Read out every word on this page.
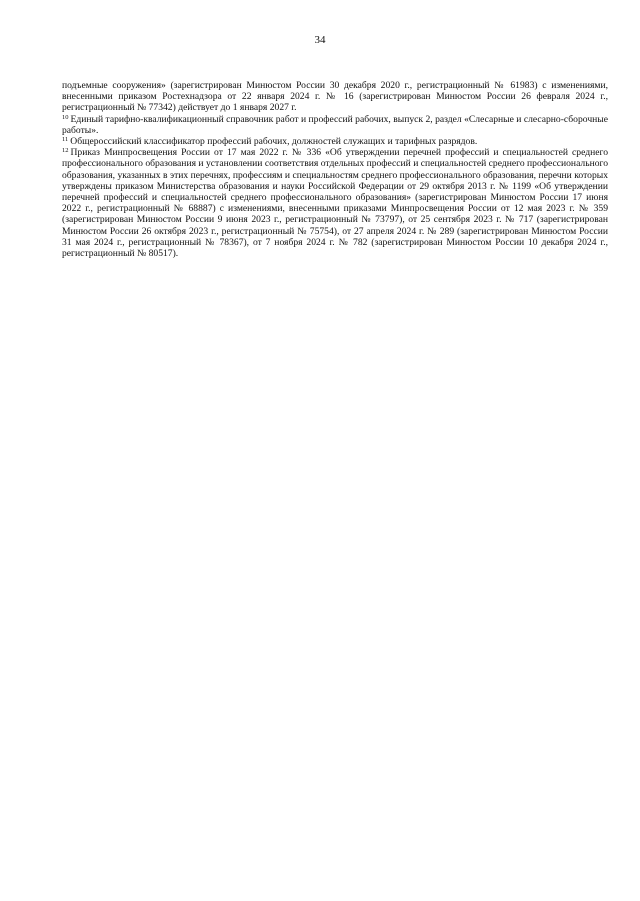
34

подъемные сооружения» (зарегистрирован Минюстом России 30 декабря 2020 г., регистрационный № 61983) с изменениями, внесенными приказом Ростехнадзора от 22 января 2024 г. № 16 (зарегистрирован Минюстом России 26 февраля 2024 г., регистрационный № 77342) действует до 1 января 2027 г.

$^{10}$ Единый тарифно-квалификационный справочник работ и профессий рабочих, выпуск 2, раздел «Слесарные и слесарно-сборочные работы».

$^{11}$ Общероссийский классификатор профессий рабочих, должностей служащих и тарифных разрядов.

$^{12}$ Приказ Минпросвещения России от 17 мая 2022 г. № 336 «Об утверждении перечней профессий и специальностей среднего профессионального образования и установлении соответствия отдельных профессий и специальностей среднего профессионального образования, указанных в этих перечнях, профессиям и специальностям среднего профессионального образования, перечни которых утверждены приказом Министерства образования и науки Российской Федерации от 29 октября 2013 г. № 1199 «Об утверждении перечней профессий и специальностей среднего профессионального образования» (зарегистрирован Минюстом России 17 июня 2022 г., регистрационный № 68887) с изменениями, внесенными приказами Минпросвещения России от 12 мая 2023 г. № 359 (зарегистрирован Минюстом России 9 июня 2023 г., регистрационный № 73797), от 25 сентября 2023 г. № 717 (зарегистрирован Минюстом России 26 октября 2023 г., регистрационный № 75754), от 27 апреля 2024 г. № 289 (зарегистрирован Минюстом России 31 мая 2024 г., регистрационный № 78367), от 7 ноября 2024 г. № 782 (зарегистрирован Минюстом России 10 декабря 2024 г., регистрационный № 80517).
